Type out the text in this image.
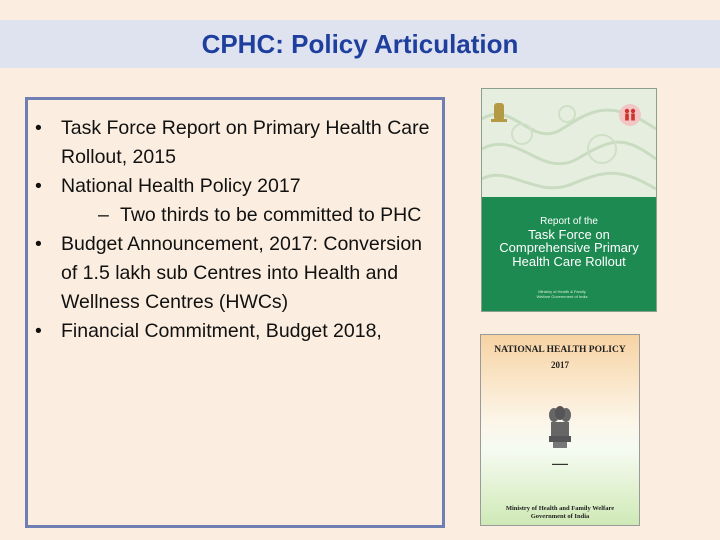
CPHC: Policy Articulation
• Task Force Report on Primary Health Care Rollout, 2015
• National Health Policy 2017
– Two thirds to be committed to PHC
• Budget Announcement, 2017: Conversion of 1.5 lakh sub Centres into Health and Wellness Centres (HWCs)
• Financial Commitment, Budget 2018,
Report of the
Task Force on
Comprehensive Primary
Health Care Rollout
Ministry of Health & Family Welfare Government of India
NATIONAL HEALTH POLICY
2017
▬▬▬▬
Ministry of Health and Family Welfare
Government of India
